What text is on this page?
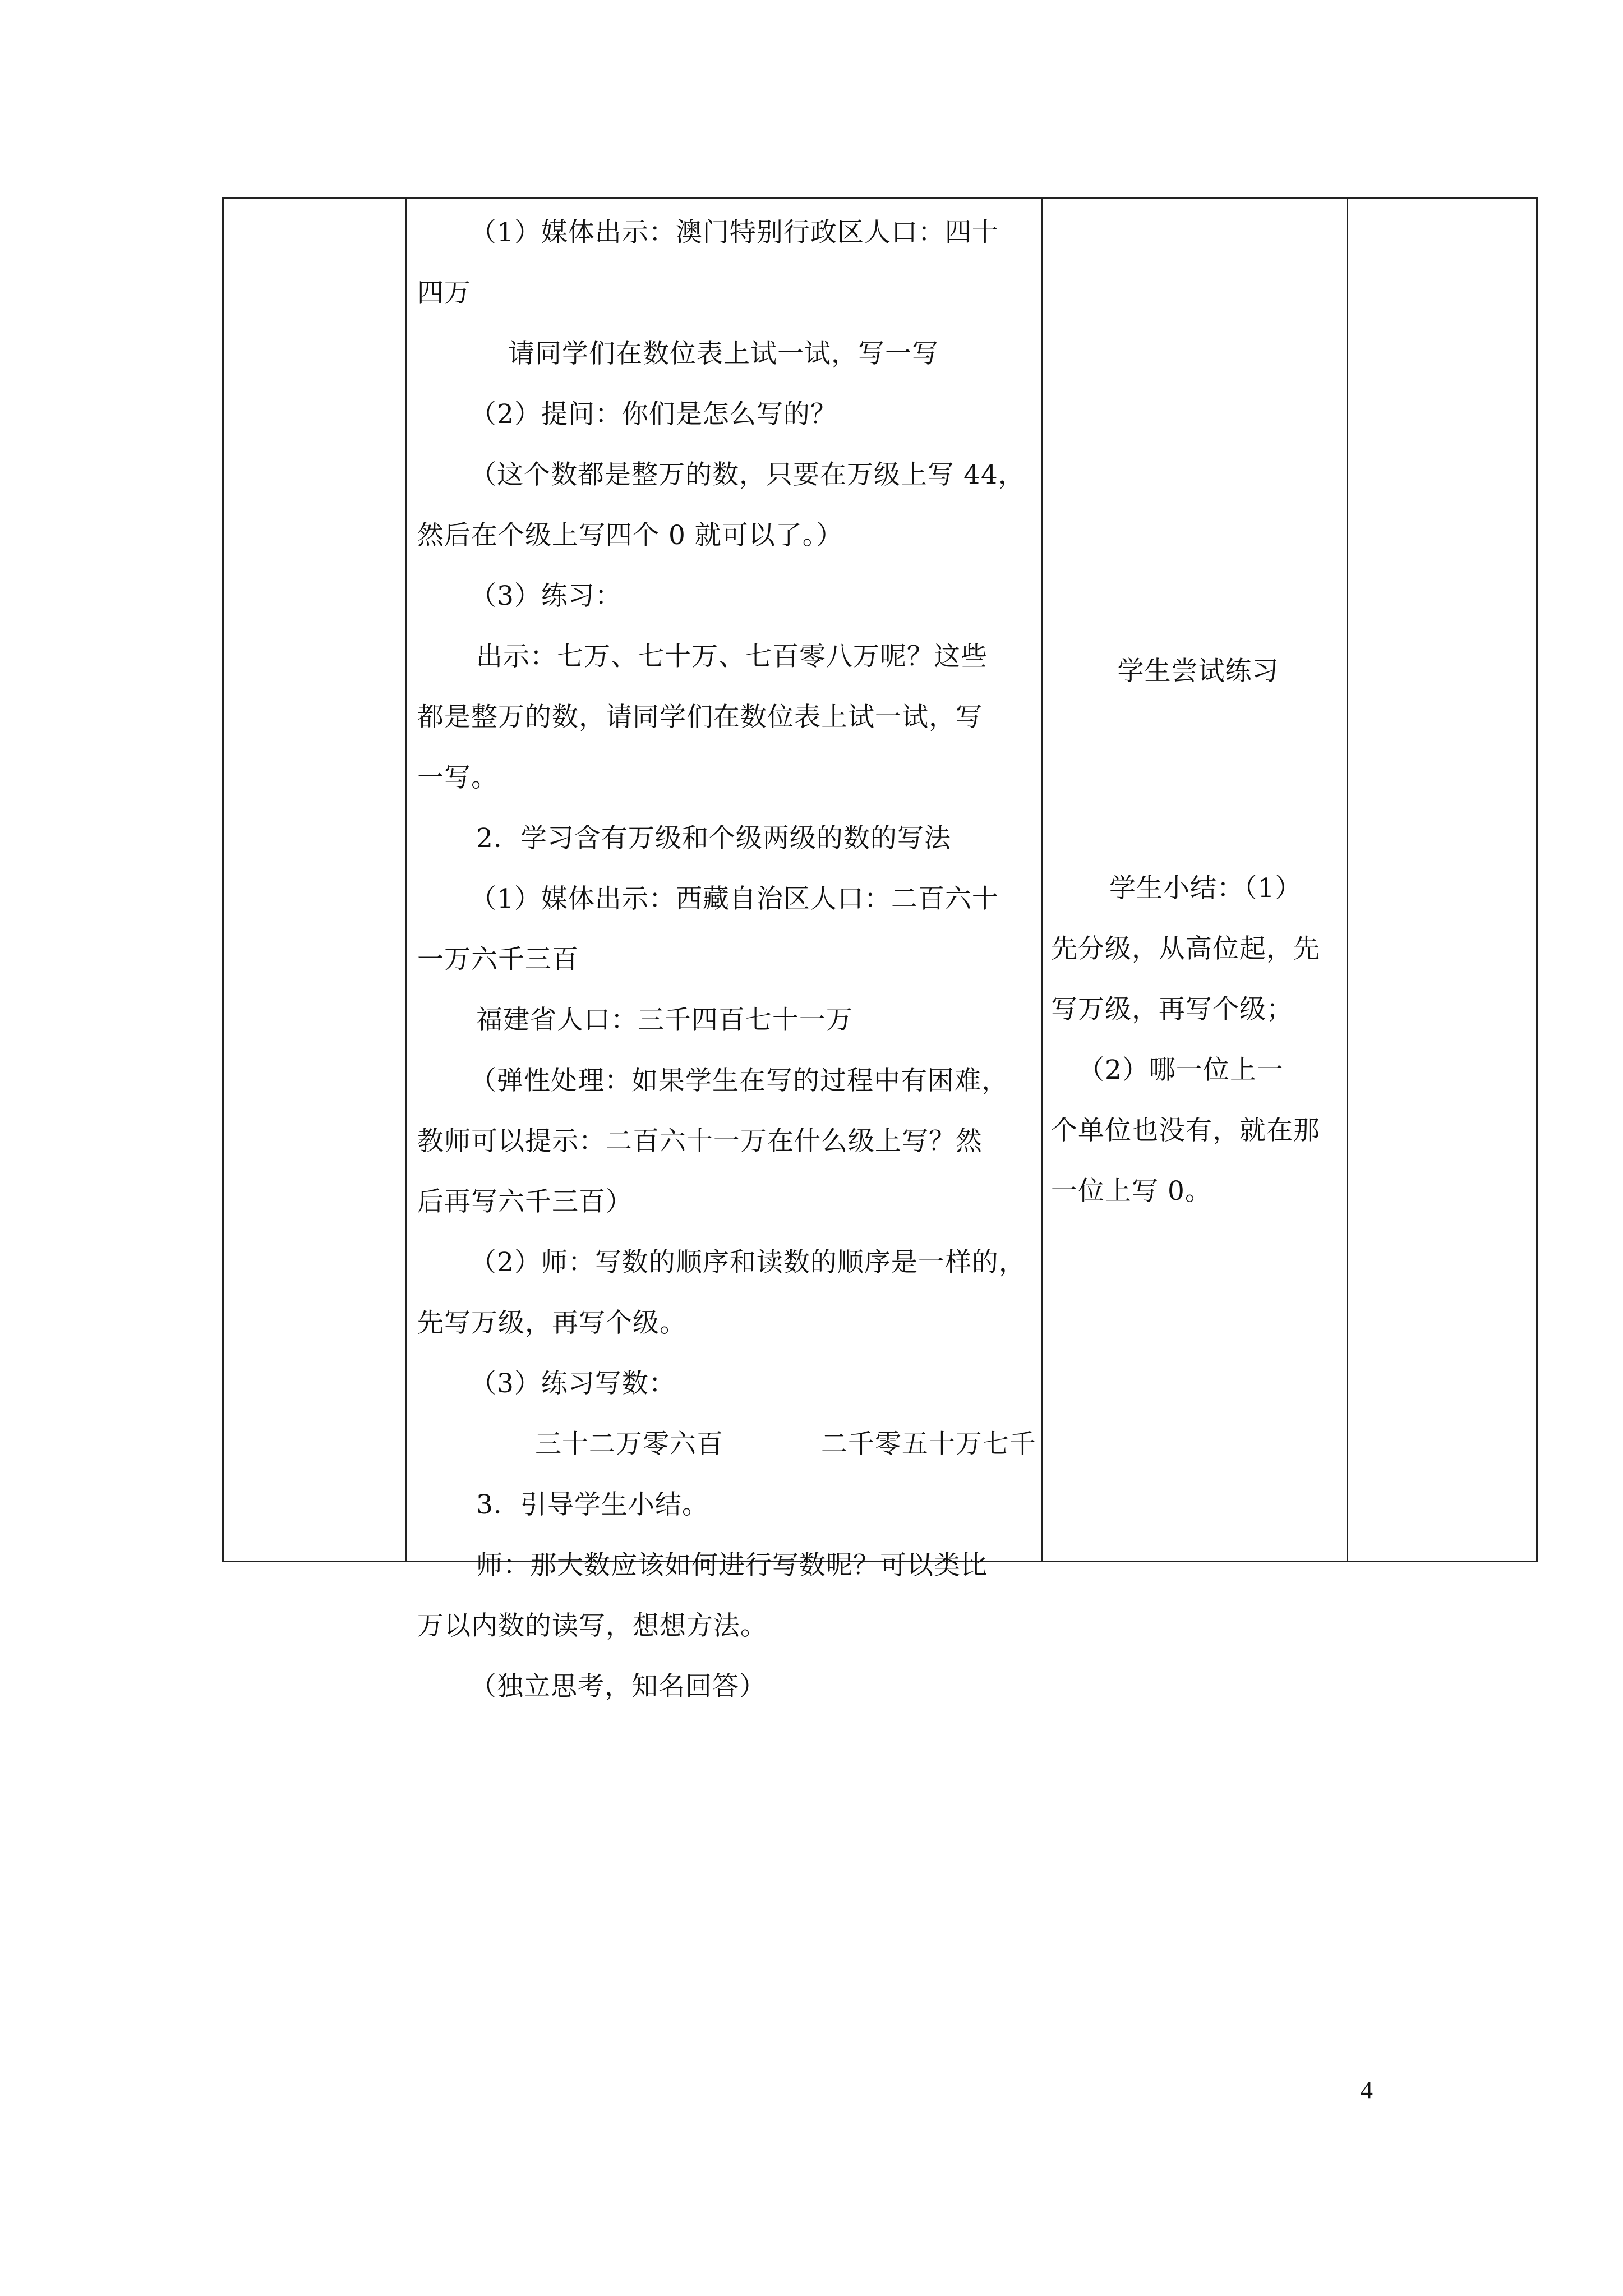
（1）媒体出示：澳门特别行政区人口：四十

四万

请同学们在数位表上试一试，写一写

（2）提问：你们是怎么写的？

（这个数都是整万的数，只要在万级上写 44，

然后在个级上写四个 0 就可以了。）

（3）练习：

出示：七万、七十万、七百零八万呢？这些

都是整万的数，请同学们在数位表上试一试，写

一写。

2．学习含有万级和个级两级的数的写法

（1）媒体出示：西藏自治区人口：二百六十

一万六千三百

福建省人口：三千四百七十一万

（弹性处理：如果学生在写的过程中有困难，

教师可以提示：二百六十一万在什么级上写？然

后再写六千三百）

（2）师：写数的顺序和读数的顺序是一样的，

先写万级，再写个级。

（3）练习写数：

三十二万零六百	二千零五十万七千

3．引导学生小结。

师：那大数应该如何进行写数呢？可以类比

万以内数的读写，想想方法。

（独立思考，知名回答）

学生尝试练习

学生小结：（1）

先分级，从高位起，先

写万级，再写个级；

（2）哪一位上一

个单位也没有，就在那

一位上写 0。

4
